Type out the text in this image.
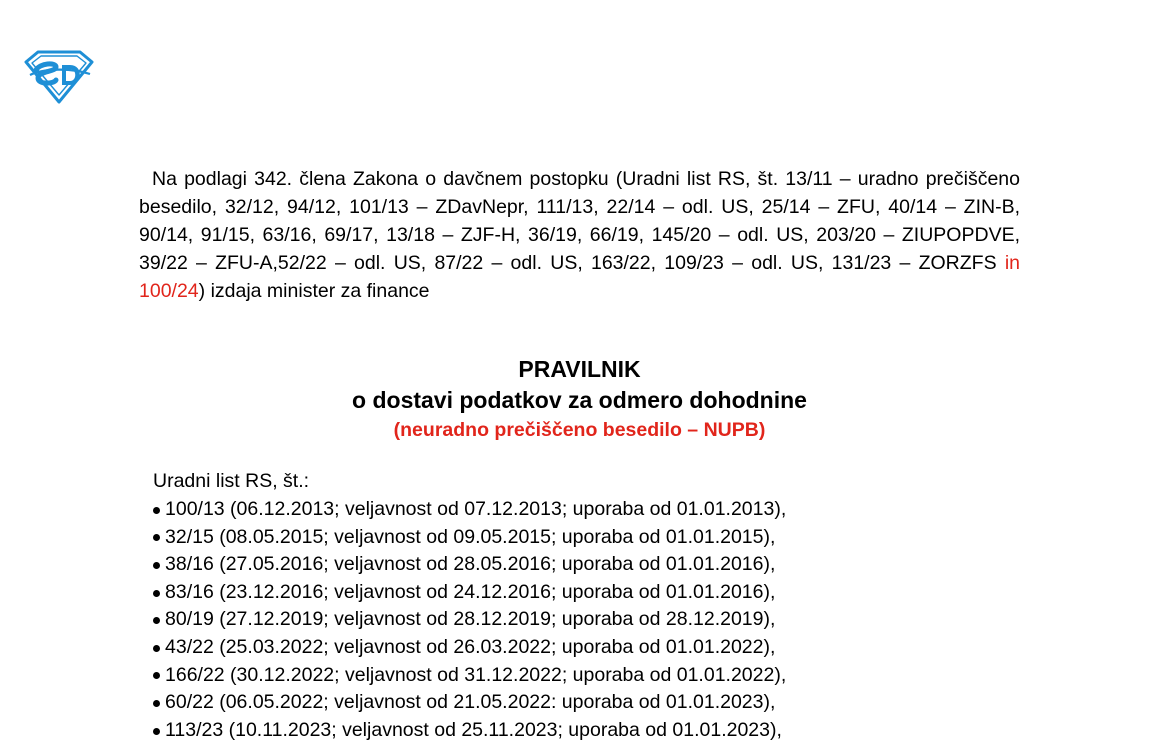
Na podlagi 342. člena Zakona o davčnem postopku (Uradni list RS, št. 13/11 – uradno prečiščeno besedilo, 32/12, 94/12, 101/13 – ZDavNepr, 111/13, 22/14 – odl. US, 25/14 – ZFU, 40/14 – ZIN-B, 90/14, 91/15, 63/16, 69/17, 13/18 – ZJF-H, 36/19, 66/19, 145/20 – odl. US, 203/20 – ZIUPOPDVE, 39/22 – ZFU-A,52/22 – odl. US, 87/22 – odl. US, 163/22, 109/23 – odl. US, 131/23 – ZORZFS in 100/24) izdaja minister za finance

PRAVILNIK

o dostavi podatkov za odmero dohodnine

(neuradno prečiščeno besedilo – NUPB)

Uradni list RS, št.:

100/13 (06.12.2013; veljavnost od 07.12.2013; uporaba od 01.01.2013),
32/15 (08.05.2015; veljavnost od 09.05.2015; uporaba od 01.01.2015),
38/16 (27.05.2016; veljavnost od 28.05.2016; uporaba od 01.01.2016),
83/16 (23.12.2016; veljavnost od 24.12.2016; uporaba od 01.01.2016),
80/19 (27.12.2019; veljavnost od 28.12.2019; uporaba od 28.12.2019),
43/22 (25.03.2022; veljavnost od 26.03.2022; uporaba od 01.01.2022),
166/22 (30.12.2022; veljavnost od 31.12.2022; uporaba od 01.01.2022),
60/22 (06.05.2022; veljavnost od 21.05.2022: uporaba od 01.01.2023),
113/23 (10.11.2023; veljavnost od 25.11.2023; uporaba od 01.01.2023),
